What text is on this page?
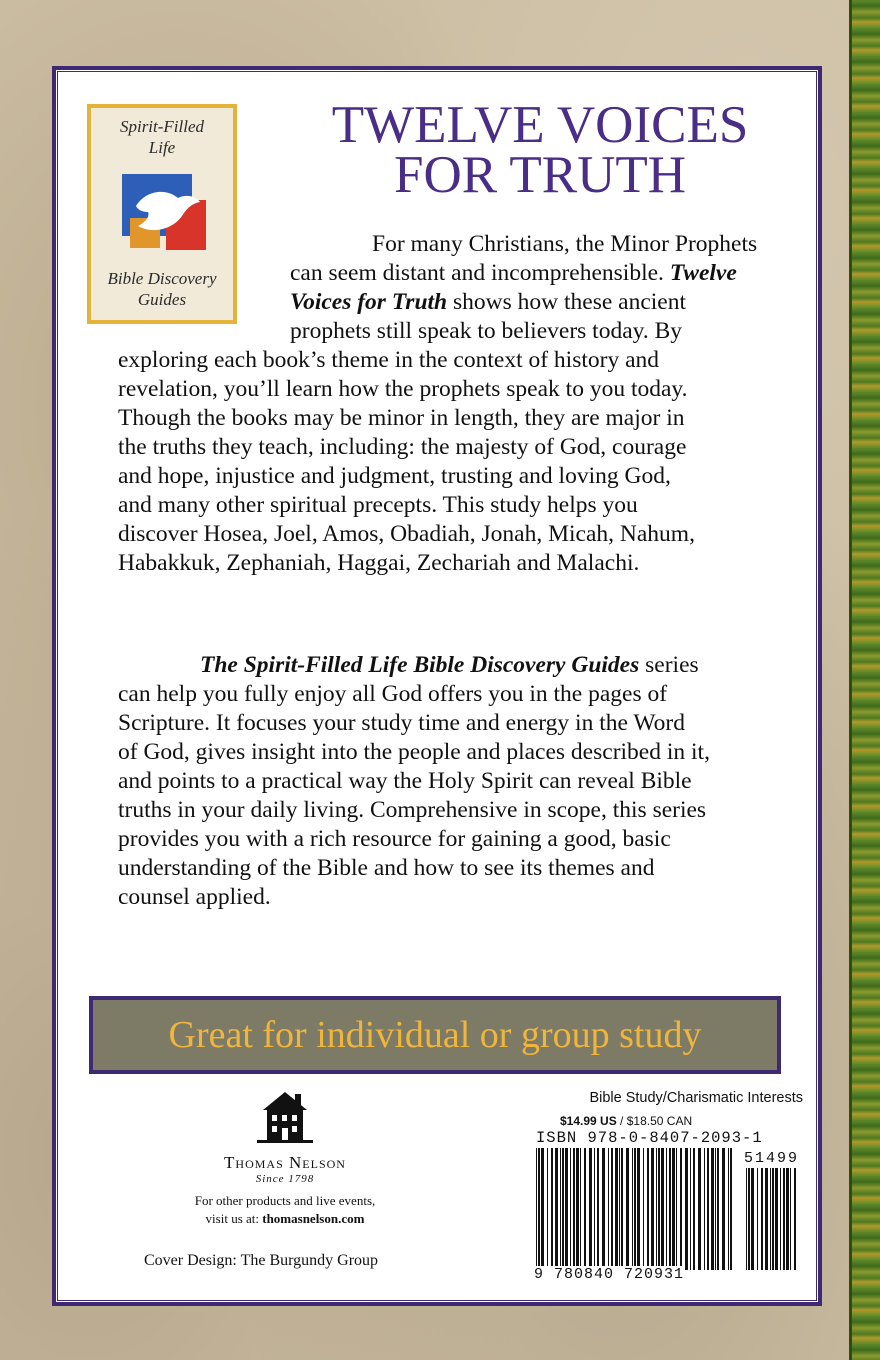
Spirit-Filled
Life
Bible Discovery
Guides
TWELVE VOICES
FOR TRUTH
For many Christians, the Minor Prophets
can seem distant and incomprehensible. Twelve
Voices for Truth shows how these ancient
prophets still speak to believers today. By
exploring each book’s theme in the context of history and
revelation, you’ll learn how the prophets speak to you today.
Though the books may be minor in length, they are major in
the truths they teach, including: the majesty of God, courage
and hope, injustice and judgment, trusting and loving God,
and many other spiritual precepts. This study helps you
discover Hosea, Joel, Amos, Obadiah, Jonah, Micah, Nahum,
Habakkuk, Zephaniah, Haggai, Zechariah and Malachi.
The Spirit-Filled Life Bible Discovery Guides series
can help you fully enjoy all God offers you in the pages of
Scripture. It focuses your study time and energy in the Word
of God, gives insight into the people and places described in it,
and points to a practical way the Holy Spirit can reveal Bible
truths in your daily living. Comprehensive in scope, this series
provides you with a rich resource for gaining a good, basic
understanding of the Bible and how to see its themes and
counsel applied.
Great for individual or group study
Thomas Nelson
Since 1798
For other products and live events,
visit us at: thomasnelson.com
Cover Design: The Burgundy Group
Bible Study/Charismatic Interests
$14.99 US / $18.50 CAN
ISBN 978-0-8407-2093-1
51499
9 780840 720931
